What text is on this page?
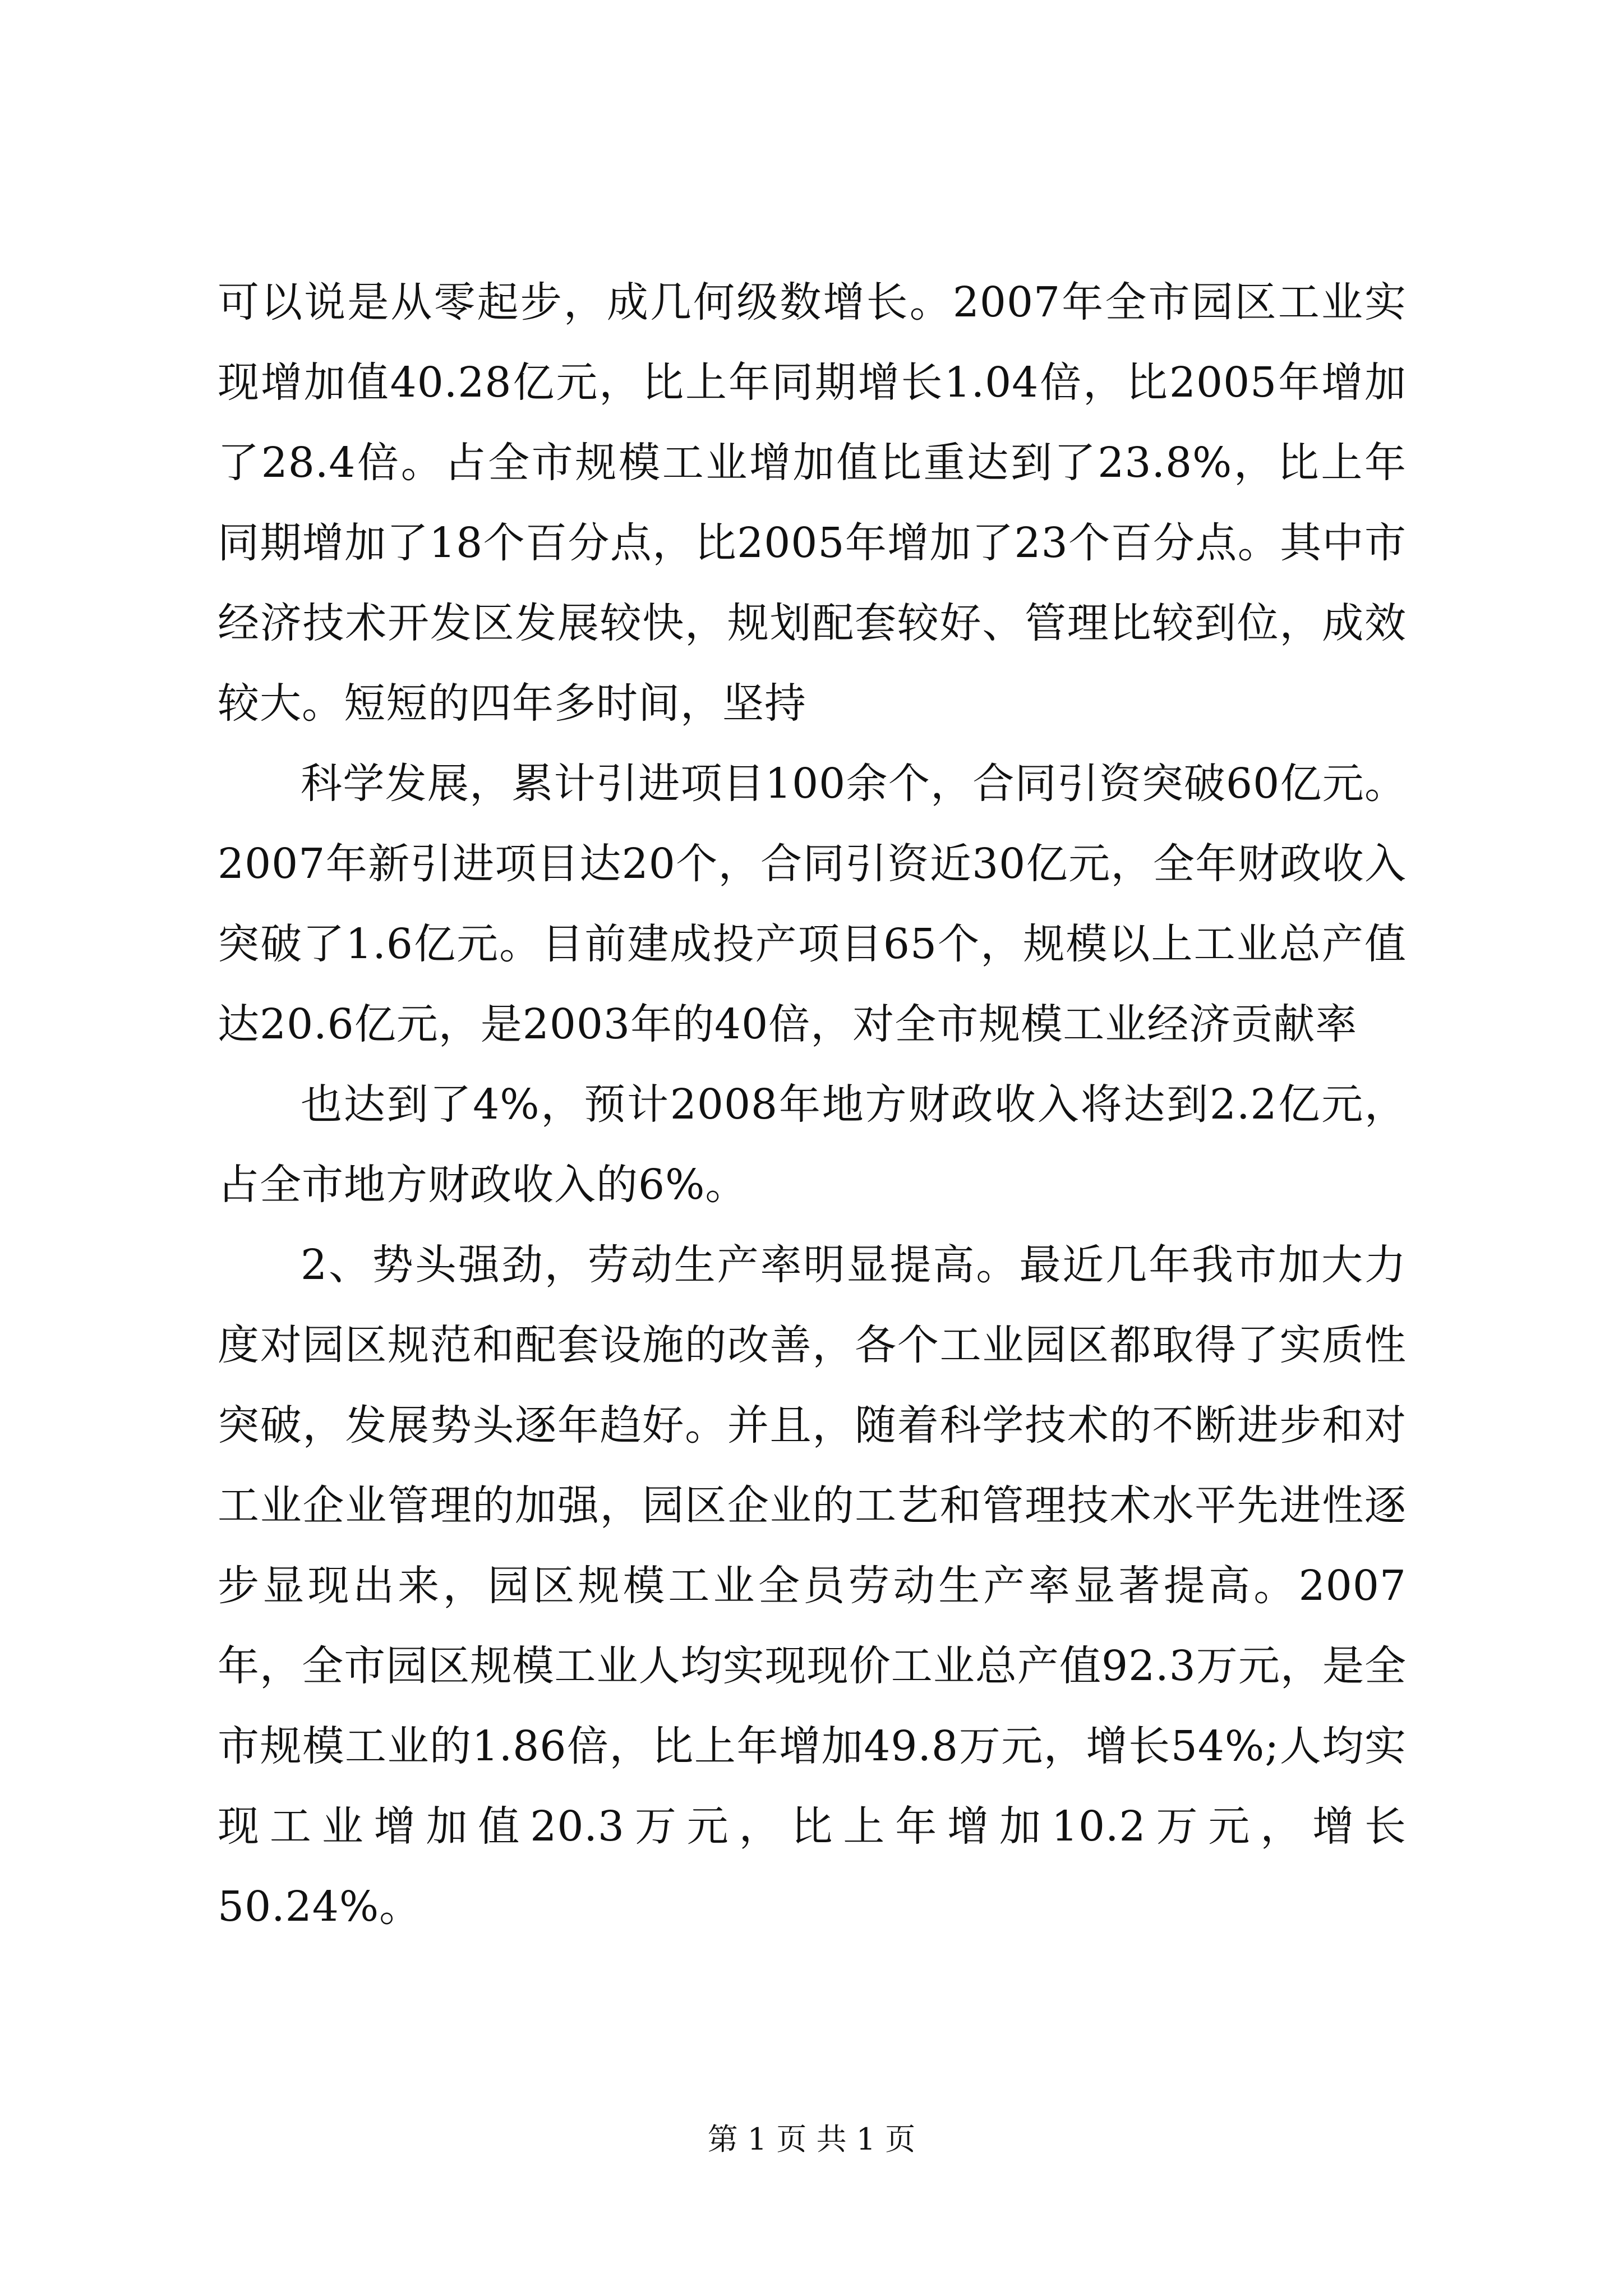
可以说是从零起步，成几何级数增长。2007年全市园区工业实现增加值40.28亿元，比上年同期增长1.04倍，比2005年增加了28.4倍。占全市规模工业增加值比重达到了23.8%，比上年同期增加了18个百分点，比2005年增加了23个百分点。其中市经济技术开发区发展较快，规划配套较好、管理比较到位，成效较大。短短的四年多时间，坚持

科学发展，累计引进项目100余个，合同引资突破60亿元。2007年新引进项目达20个，合同引资近30亿元，全年财政收入突破了1.6亿元。目前建成投产项目65个，规模以上工业总产值达20.6亿元，是2003年的40倍，对全市规模工业经济贡献率

也达到了4%，预计2008年地方财政收入将达到2.2亿元，占全市地方财政收入的6%。

2、势头强劲，劳动生产率明显提高。最近几年我市加大力度对园区规范和配套设施的改善，各个工业园区都取得了实质性突破，发展势头逐年趋好。并且，随着科学技术的不断进步和对工业企业管理的加强，园区企业的工艺和管理技术水平先进性逐步显现出来，园区规模工业全员劳动生产率显著提高。2007年，全市园区规模工业人均实现现价工业总产值92.3万元，是全市规模工业的1.86倍，比上年增加49.8万元，增长54%;人均实现工业增加值20.3万元，比上年增加10.2万元，增长50.24%。

第 1 页 共 1 页
